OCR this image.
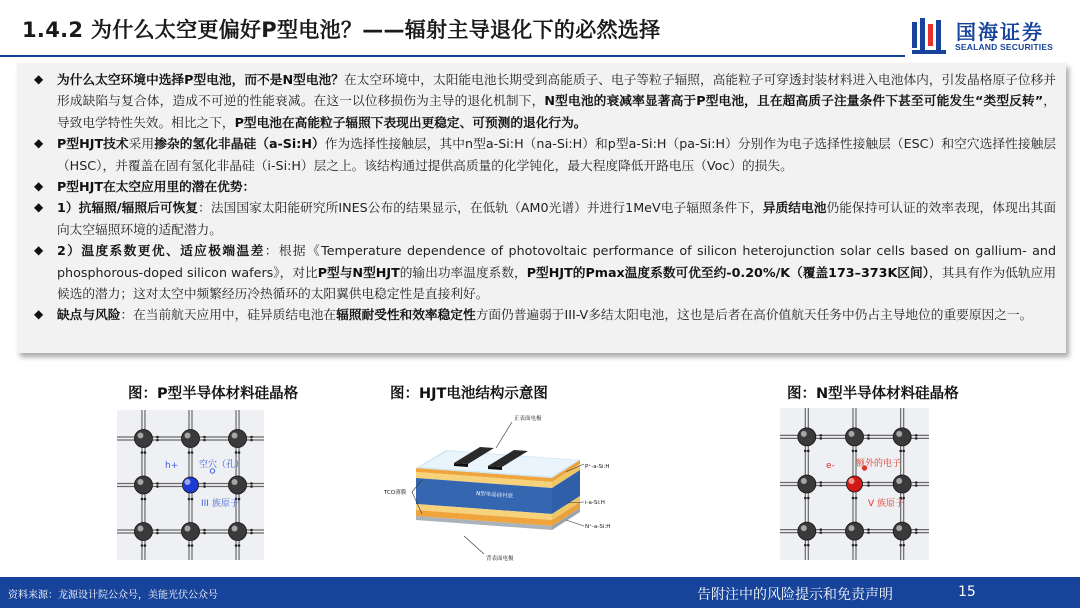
1.4.2 为什么太空更偏好P型电池？——辐射主导退化下的必然选择	国海证券
SEALAND SECURITIES
◆	为什么太空环境中选择P型电池，而不是N型电池？在太空环境中，太阳能电池长期受到高能质子、电子等粒子辐照，高能粒子可穿透封装材料进入电池体内，引发晶格原子位移并形成缺陷与复合体，造成不可逆的性能衰减。在这一以位移损伤为主导的退化机制下，N型电池的衰减率显著高于P型电池，且在超高质子注量条件下甚至可能发生“类型反转”，导致电学特性失效。相比之下，P型电池在高能粒子辐照下表现出更稳定、可预测的退化行为。
◆	P型HJT技术采用掺杂的氢化非晶硅（a-Si:H）作为选择性接触层，其中n型a-Si:H（na-Si:H）和p型a-Si:H（pa-Si:H）分别作为电子选择性接触层（ESC）和空穴选择性接触层（HSC），并覆盖在固有氢化非晶硅（i-Si:H）层之上。该结构通过提供高质量的化学钝化，最大程度降低开路电压（Voc）的损失。
◆	P型HJT在太空应用里的潜在优势：
◆	1）抗辐照/辐照后可恢复：法国国家太阳能研究所INES公布的结果显示，在低轨（AM0光谱）并进行1MeV电子辐照条件下，异质结电池仍能保持可认证的效率表现，体现出其面向太空辐照环境的适配潜力。
◆	2）温度系数更优、适应极端温差：根据《Temperature dependence of photovoltaic performance of silicon heterojunction solar cells based on gallium- and phosphorous-doped silicon wafers》，对比P型与N型HJT的输出功率温度系数，P型HJT的Pmax温度系数可优至约-0.20%/K（覆盖173–373K区间），其具有作为低轨应用候选的潜力；这对太空中频繁经历冷热循环的太阳翼供电稳定性是直接利好。
◆	缺点与风险：在当前航天应用中，硅异质结电池在辐照耐受性和效率稳定性方面仍普遍弱于III-V多结太阳电池，这也是后者在高价值航天任务中仍占主导地位的重要原因之一。
图：P型半导体材料硅晶格
h+ 空穴（孔）
III 族原子
图：HJT电池结构示意图
N型单晶硅衬底
正表面电极
P⁺-a-Si:H
i-a-Si:H
N⁺-a-Si:H
TCO薄膜
背表面电极
图：N型半导体材料硅晶格
e- 额外的电子
V 族原子
资料来源：龙源设计院公众号，美能光伏公众号	告附注中的风险提示和免责声明	15
